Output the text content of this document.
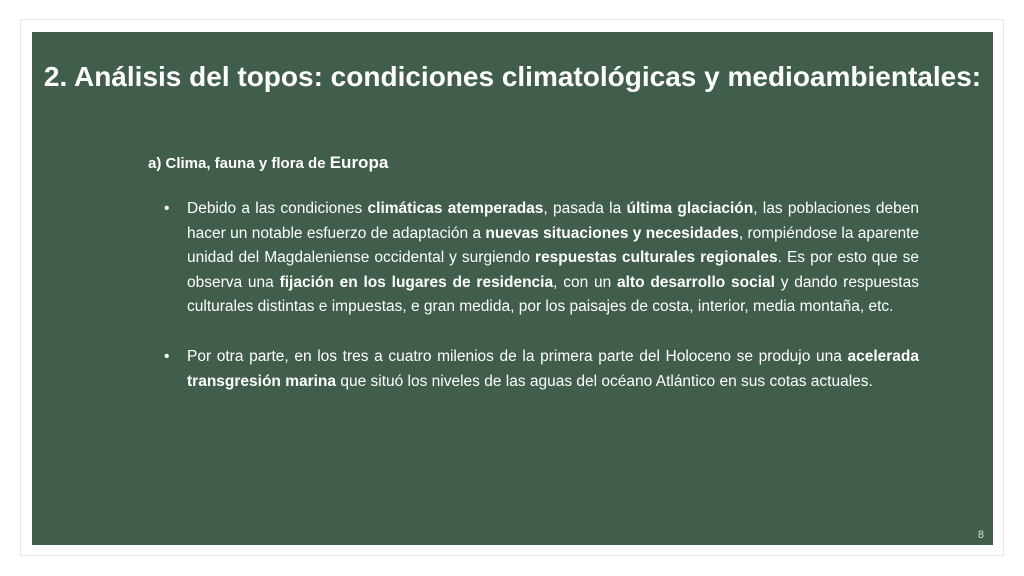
2. Análisis del topos: condiciones climatológicas y medioambientales:

a) Clima, fauna y flora de Europa

• Debido a las condiciones climáticas atemperadas, pasada la última glaciación, las poblaciones deben hacer un notable esfuerzo de adaptación a nuevas situaciones y necesidades, rompiéndose la aparente unidad del Magdaleniense occidental y surgiendo respuestas culturales regionales. Es por esto que se observa una fijación en los lugares de residencia, con un alto desarrollo social y dando respuestas culturales distintas e impuestas, e gran medida, por los paisajes de costa, interior, media montaña, etc.
• Por otra parte, en los tres a cuatro milenios de la primera parte del Holoceno se produjo una acelerada transgresión marina que situó los niveles de las aguas del océano Atlántico en sus cotas actuales.
8
